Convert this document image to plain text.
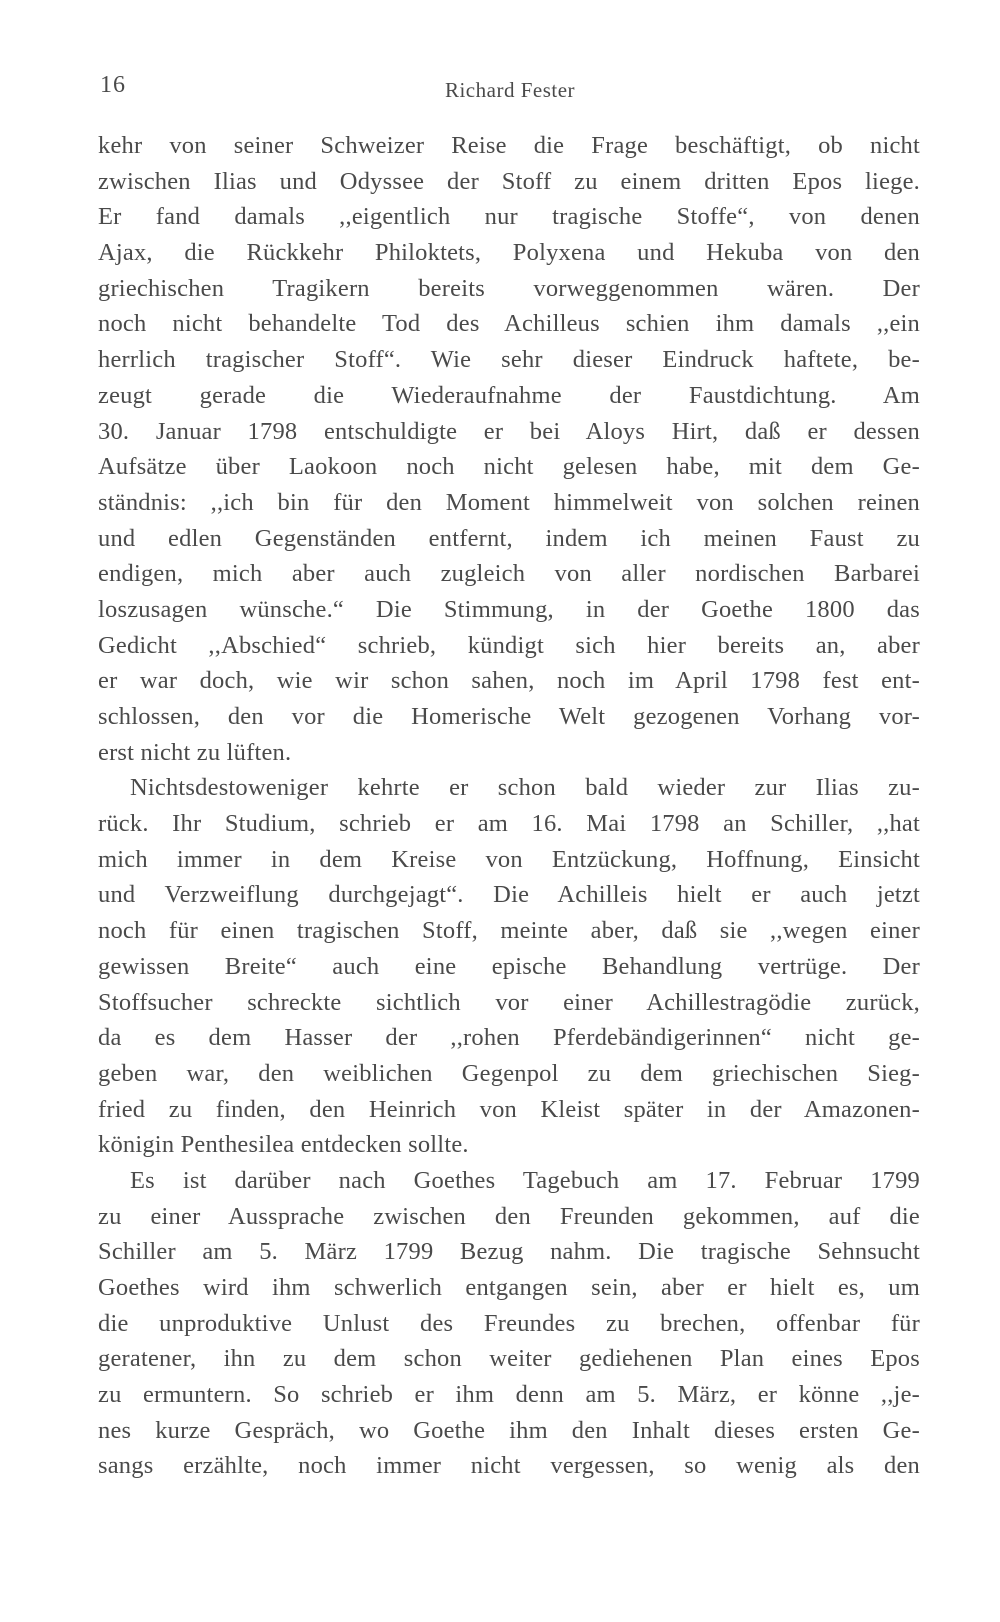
16	Richard Fester

kehr von seiner Schweizer Reise die Frage beschäftigt, ob nicht
zwischen Ilias und Odyssee der Stoff zu einem dritten Epos liege.
Er fand damals ,,eigentlich nur tragische Stoffe“, von denen
Ajax, die Rückkehr Philoktets, Polyxena und Hekuba von den
griechischen Tragikern bereits vorweggenommen wären. Der
noch nicht behandelte Tod des Achilleus schien ihm damals ,,ein
herrlich tragischer Stoff“. Wie sehr dieser Eindruck haftete, be-
zeugt gerade die Wiederaufnahme der Faustdichtung. Am
30. Januar 1798 entschuldigte er bei Aloys Hirt, daß er dessen
Aufsätze über Laokoon noch nicht gelesen habe, mit dem Ge-
ständnis: ,,ich bin für den Moment himmelweit von solchen reinen
und edlen Gegenständen entfernt, indem ich meinen Faust zu
endigen, mich aber auch zugleich von aller nordischen Barbarei
loszusagen wünsche.“ Die Stimmung, in der Goethe 1800 das
Gedicht ,,Abschied“ schrieb, kündigt sich hier bereits an, aber
er war doch, wie wir schon sahen, noch im April 1798 fest ent-
schlossen, den vor die Homerische Welt gezogenen Vorhang vor-
erst nicht zu lüften.

Nichtsdestoweniger kehrte er schon bald wieder zur Ilias zu-
rück. Ihr Studium, schrieb er am 16. Mai 1798 an Schiller, ,,hat
mich immer in dem Kreise von Entzückung, Hoffnung, Einsicht
und Verzweiflung durchgejagt“. Die Achilleis hielt er auch jetzt
noch für einen tragischen Stoff, meinte aber, daß sie ,,wegen einer
gewissen Breite“ auch eine epische Behandlung vertrüge. Der
Stoffsucher schreckte sichtlich vor einer Achillestragödie zurück,
da es dem Hasser der ,,rohen Pferdebändigerinnen“ nicht ge-
geben war, den weiblichen Gegenpol zu dem griechischen Sieg-
fried zu finden, den Heinrich von Kleist später in der Amazonen-
königin Penthesilea entdecken sollte.

Es ist darüber nach Goethes Tagebuch am 17. Februar 1799
zu einer Aussprache zwischen den Freunden gekommen, auf die
Schiller am 5. März 1799 Bezug nahm. Die tragische Sehnsucht
Goethes wird ihm schwerlich entgangen sein, aber er hielt es, um
die unproduktive Unlust des Freundes zu brechen, offenbar für
geratener, ihn zu dem schon weiter gediehenen Plan eines Epos
zu ermuntern. So schrieb er ihm denn am 5. März, er könne ,,je-
nes kurze Gespräch, wo Goethe ihm den Inhalt dieses ersten Ge-
sangs erzählte, noch immer nicht vergessen, so wenig als den
